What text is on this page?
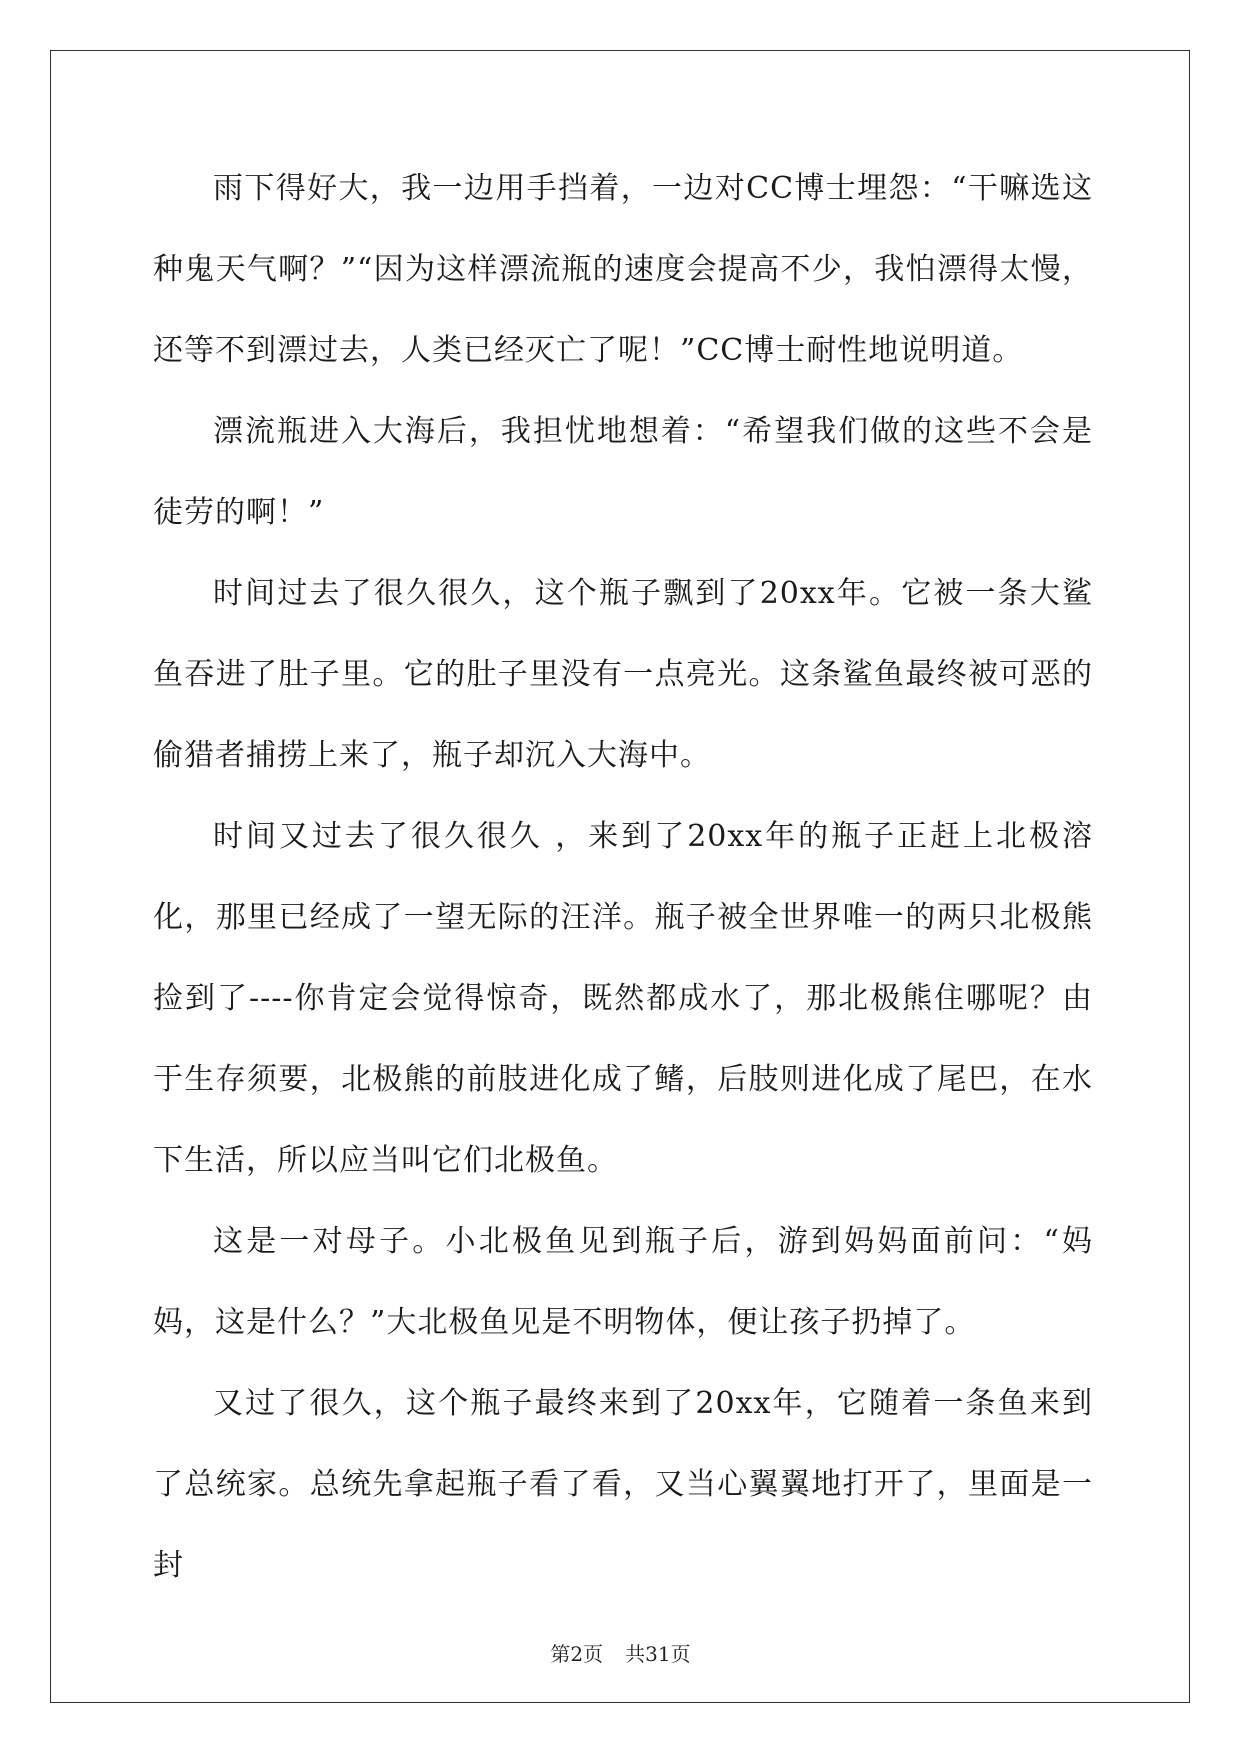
雨下得好大，我一边用手挡着，一边对CC博士埋怨：“干嘛选这种鬼天气啊？”“因为这样漂流瓶的速度会提高不少，我怕漂得太慢，还等不到漂过去，人类已经灭亡了呢！”CC博士耐性地说明道。

漂流瓶进入大海后，我担忧地想着：“希望我们做的这些不会是徒劳的啊！”

时间过去了很久很久，这个瓶子飘到了20xx年。它被一条大鲨鱼吞进了肚子里。它的肚子里没有一点亮光。这条鲨鱼最终被可恶的偷猎者捕捞上来了，瓶子却沉入大海中。

时间又过去了很久很久 ，来到了20xx年的瓶子正赶上北极溶化，那里已经成了一望无际的汪洋。瓶子被全世界唯一的两只北极熊捡到了----你肯定会觉得惊奇，既然都成水了，那北极熊住哪呢？由于生存须要，北极熊的前肢进化成了鳍，后肢则进化成了尾巴，在水下生活，所以应当叫它们北极鱼。

这是一对母子。小北极鱼见到瓶子后，游到妈妈面前问：“妈妈，这是什么？”大北极鱼见是不明物体，便让孩子扔掉了。

又过了很久，这个瓶子最终来到了20xx年，它随着一条鱼来到了总统家。总统先拿起瓶子看了看，又当心翼翼地打开了，里面是一封

第2页 共31页
